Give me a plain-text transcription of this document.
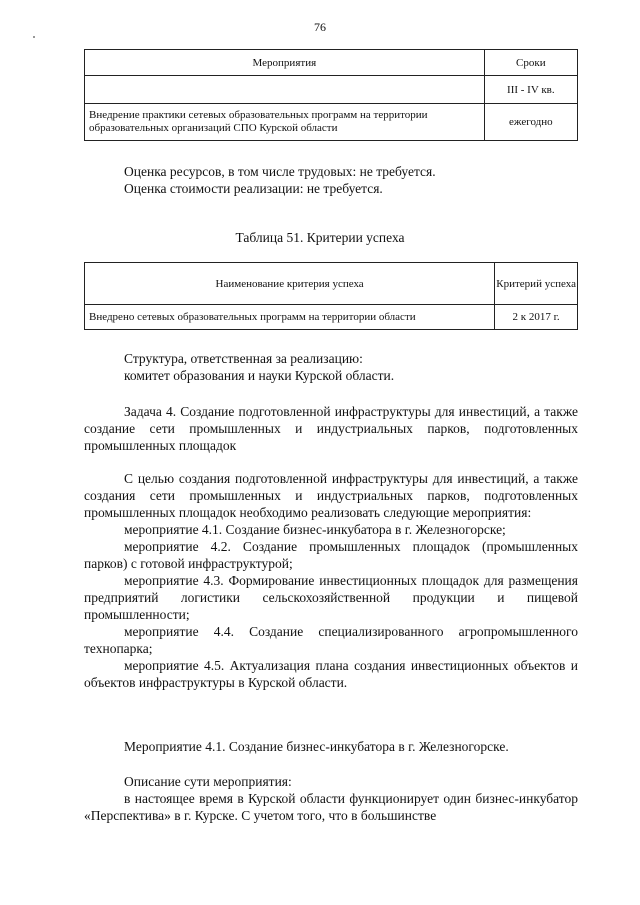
76
Мероприятия	Сроки
	III - IV кв.
Внедрение практики сетевых образовательных программ на территории образовательных организаций СПО Курской области	ежегодно
Оценка ресурсов, в том числе трудовых: не требуется.
Оценка стоимости реализации: не требуется.
Таблица 51. Критерии успеха
Наименование критерия успеха	Критерий успеха
Внедрено сетевых образовательных программ на территории области	2 к 2017 г.
Структура, ответственная за реализацию:
комитет образования и науки Курской области.

Задача 4. Создание подготовленной инфраструктуры для инвестиций, а также создание сети промышленных и индустриальных парков, подготовленных промышленных площадок

С целью создания подготовленной инфраструктуры для инвестиций, а также создания сети промышленных и индустриальных парков, подготовленных промышленных площадок необходимо реализовать следующие мероприятия:

мероприятие 4.1. Создание бизнес-инкубатора в г. Железногорске;

мероприятие 4.2. Создание промышленных площадок (промышленных парков) с готовой инфраструктурой;

мероприятие 4.3. Формирование инвестиционных площадок для размещения предприятий логистики сельскохозяйственной продукции и пищевой промышленности;

мероприятие 4.4. Создание специализированного агропромышленного технопарка;

мероприятие 4.5. Актуализация плана создания инвестиционных объектов и объектов инфраструктуры в Курской области.

Мероприятие 4.1. Создание бизнес-инкубатора в г. Железногорске.
Описание сути мероприятия:

в настоящее время в Курской области функционирует один бизнес-инкубатор «Перспектива» в г. Курске. С учетом того, что в большинстве
